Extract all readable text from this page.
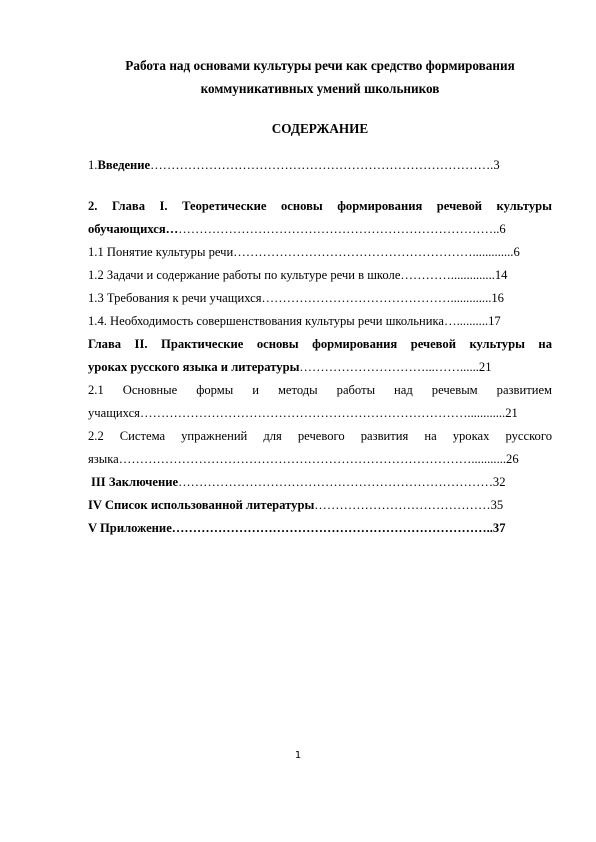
Работа над основами культуры речи как средство формирования
коммуникативных умений школьников
СОДЕРЖАНИЕ
1.Введение……………………………………………………………………….3
2. Глава I. Теоретические основы формирования речевой культуры
обучающихся……………………………………………………………………..6
1.1 Понятие культуры речи………………………………………………….............6
1.2 Задачи и содержание работы по культуре речи в школе…………..............14
1.3 Требования к речи учащихся……………………………………….............16
1.4. Необходимость совершенствования культуры речи школьника…..........17
Глава II. Практические основы формирования речевой культуры на
уроках русского языка и литературы…………………………...……......21
2.1 Основные формы и методы работы над речевым развитием
учащихся……………………………………………………………………............21
2.2 Система упражнений для речевого развития на уроках русского
языка…………………………………………………………………………...........26
III Заключение…………………………………………………………………32
IV Список использованной литературы……………………………………35
V Приложение…………………………………………………………………..37
1
